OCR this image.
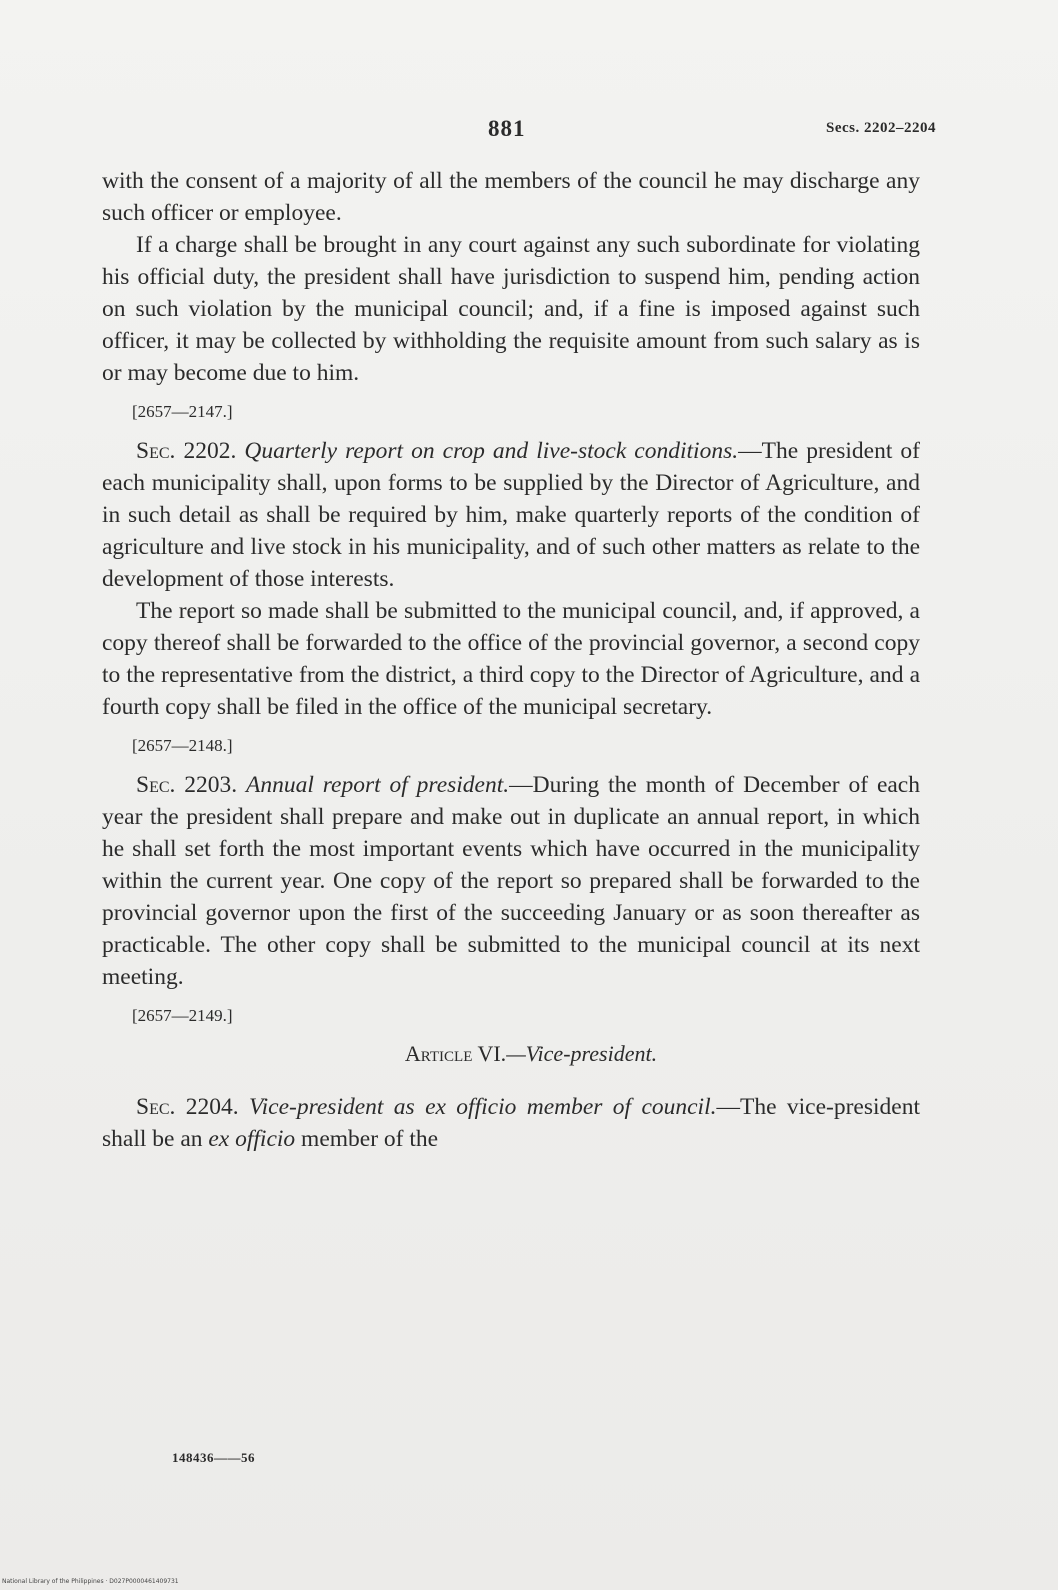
881	Secs. 2202–2204

with the consent of a majority of all the members of the council he may discharge any such officer or employee.

If a charge shall be brought in any court against any such subordinate for violating his official duty, the president shall have jurisdiction to suspend him, pending action on such violation by the municipal council; and, if a fine is imposed against such officer, it may be collected by withholding the requisite amount from such salary as is or may become due to him.

[2657—2147.]

Sec. 2202. Quarterly report on crop and live-stock conditions.—The president of each municipality shall, upon forms to be supplied by the Director of Agriculture, and in such detail as shall be required by him, make quarterly reports of the condition of agriculture and live stock in his municipality, and of such other matters as relate to the development of those interests.

The report so made shall be submitted to the municipal council, and, if approved, a copy thereof shall be forwarded to the office of the provincial governor, a second copy to the representative from the district, a third copy to the Director of Agriculture, and a fourth copy shall be filed in the office of the municipal secretary.

[2657—2148.]

Sec. 2203. Annual report of president.—During the month of December of each year the president shall prepare and make out in duplicate an annual report, in which he shall set forth the most important events which have occurred in the municipality within the current year. One copy of the report so prepared shall be forwarded to the provincial governor upon the first of the succeeding January or as soon thereafter as practicable. The other copy shall be submitted to the municipal council at its next meeting.

[2657—2149.]
Article VI.—Vice-president.

Sec. 2204. Vice-president as ex officio member of council.—The vice-president shall be an ex officio member of the

148436——56
National Library of the Philippines · D027P0000461409731
